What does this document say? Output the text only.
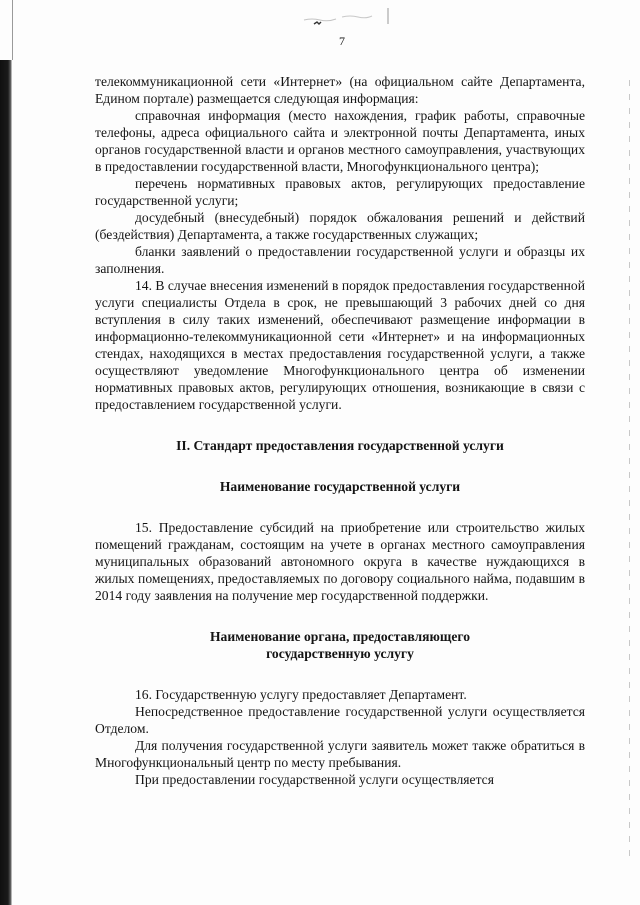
7

телекоммуникационной сети «Интернет» (на официальном сайте Департамента, Едином портале) размещается следующая информация:

справочная информация (место нахождения, график работы, справочные телефоны, адреса официального сайта и электронной почты Департамента, иных органов государственной власти и органов местного самоуправления, участвующих в предоставлении государственной власти, Многофункционального центра);

перечень нормативных правовых актов, регулирующих предоставление государственной услуги;

досудебный (внесудебный) порядок обжалования решений и действий (бездействия) Департамента, а также государственных служащих;

бланки заявлений о предоставлении государственной услуги и образцы их заполнения.

14. В случае внесения изменений в порядок предоставления государственной услуги специалисты Отдела в срок, не превышающий 3 рабочих дней со дня вступления в силу таких изменений, обеспечивают размещение информации в информационно-телекоммуникационной сети «Интернет» и на информационных стендах, находящихся в местах предоставления государственной услуги, а также осуществляют уведомление Многофункционального центра об изменении нормативных правовых актов, регулирующих отношения, возникающие в связи с предоставлением государственной услуги.

II. Стандарт предоставления государственной услуги
Наименование государственной услуги

15. Предоставление субсидий на приобретение или строительство жилых помещений гражданам, состоящим на учете в органах местного самоуправления муниципальных образований автономного округа в качестве нуждающихся в жилых помещениях, предоставляемых по договору социального найма, подавшим в 2014 году заявления на получение мер государственной поддержки.

Наименование органа, предоставляющего
государственную услугу

16. Государственную услугу предоставляет Департамент.

Непосредственное предоставление государственной услуги осуществляется Отделом.

Для получения государственной услуги заявитель может также обратиться в Многофункциональный центр по месту пребывания.

При предоставлении государственной услуги осуществляется
